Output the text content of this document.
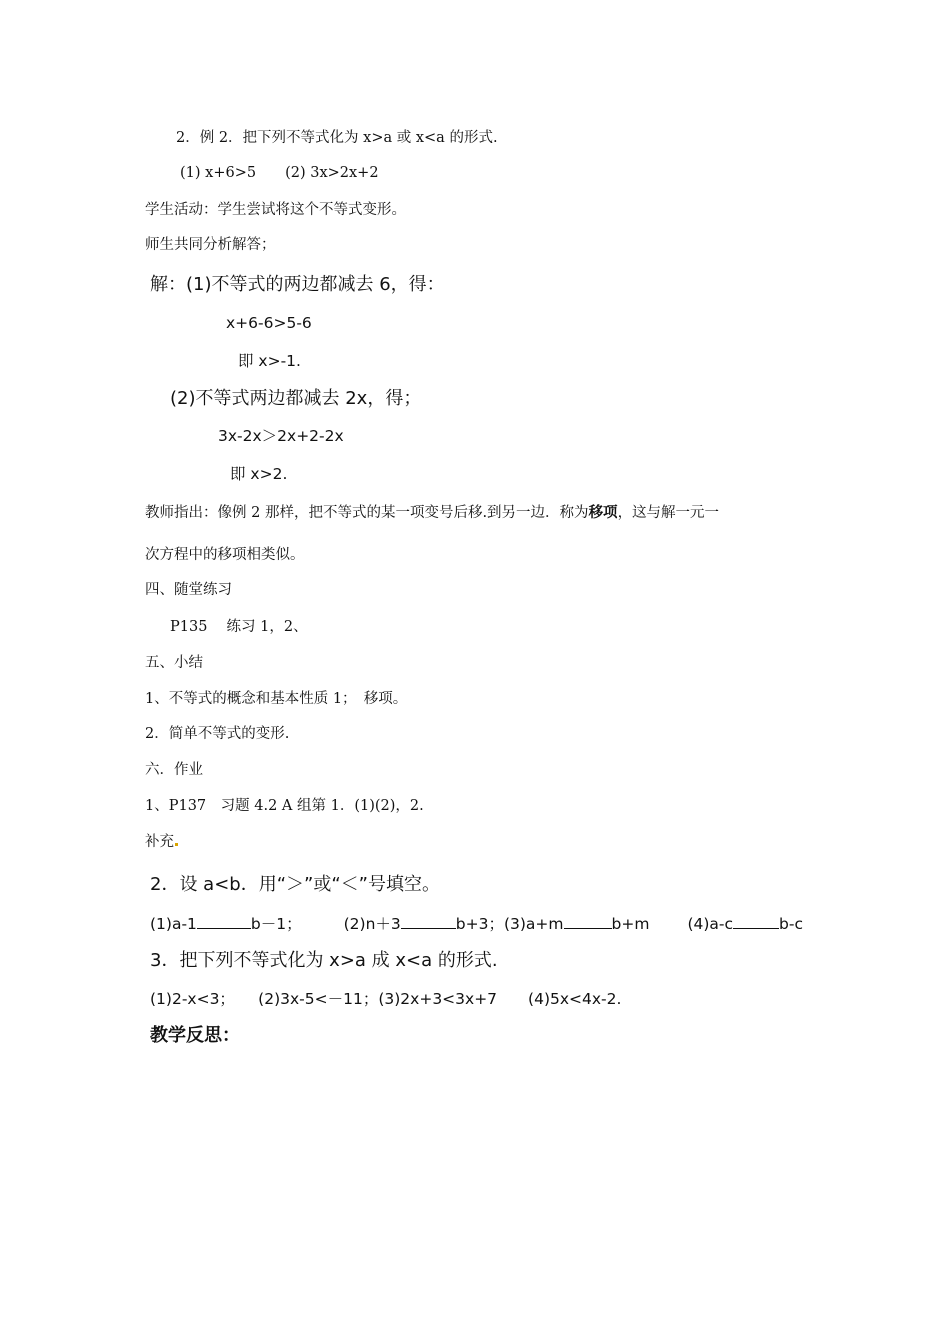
2．例 2．把下列不等式化为 x>a 或 x<a 的形式.
(1) x+6>5　　(2) 3x>2x+2
学生活动：学生尝试将这个不等式变形。
师生共同分析解答；
解：(1)不等式的两边都减去 6，得：
x+6-6>5-6
即 x>-1.
(2)不等式两边都减去 2x，得；
3x-2x＞2x+2-2x
即 x>2.
教师指出：像例 2 那样，把不等式的某一项变号后移.到另一边．称为移项，这与解一元一
次方程中的移项相类似。
四、随堂练习
P135　 练习 1，2、
五、小结
1、不等式的概念和基本性质 1；　移项。
2．简单不等式的变形.
六．作业
1、P137　习题 4.2 A 组第 1．(1)(2)，2.
补充
2．设 a<b．用“＞”或“＜”号填空。
(1)a-1	b－1；	(2)n＋3	b+3；(3)a+m	b+m (4)a-c	b-c
3．把下列不等式化为 x>a 成 x<a 的形式.
(1)2-x<3；　　(2)3x-5<－11；(3)2x+3<3x+7　　(4)5x<4x-2.
教学反思：
